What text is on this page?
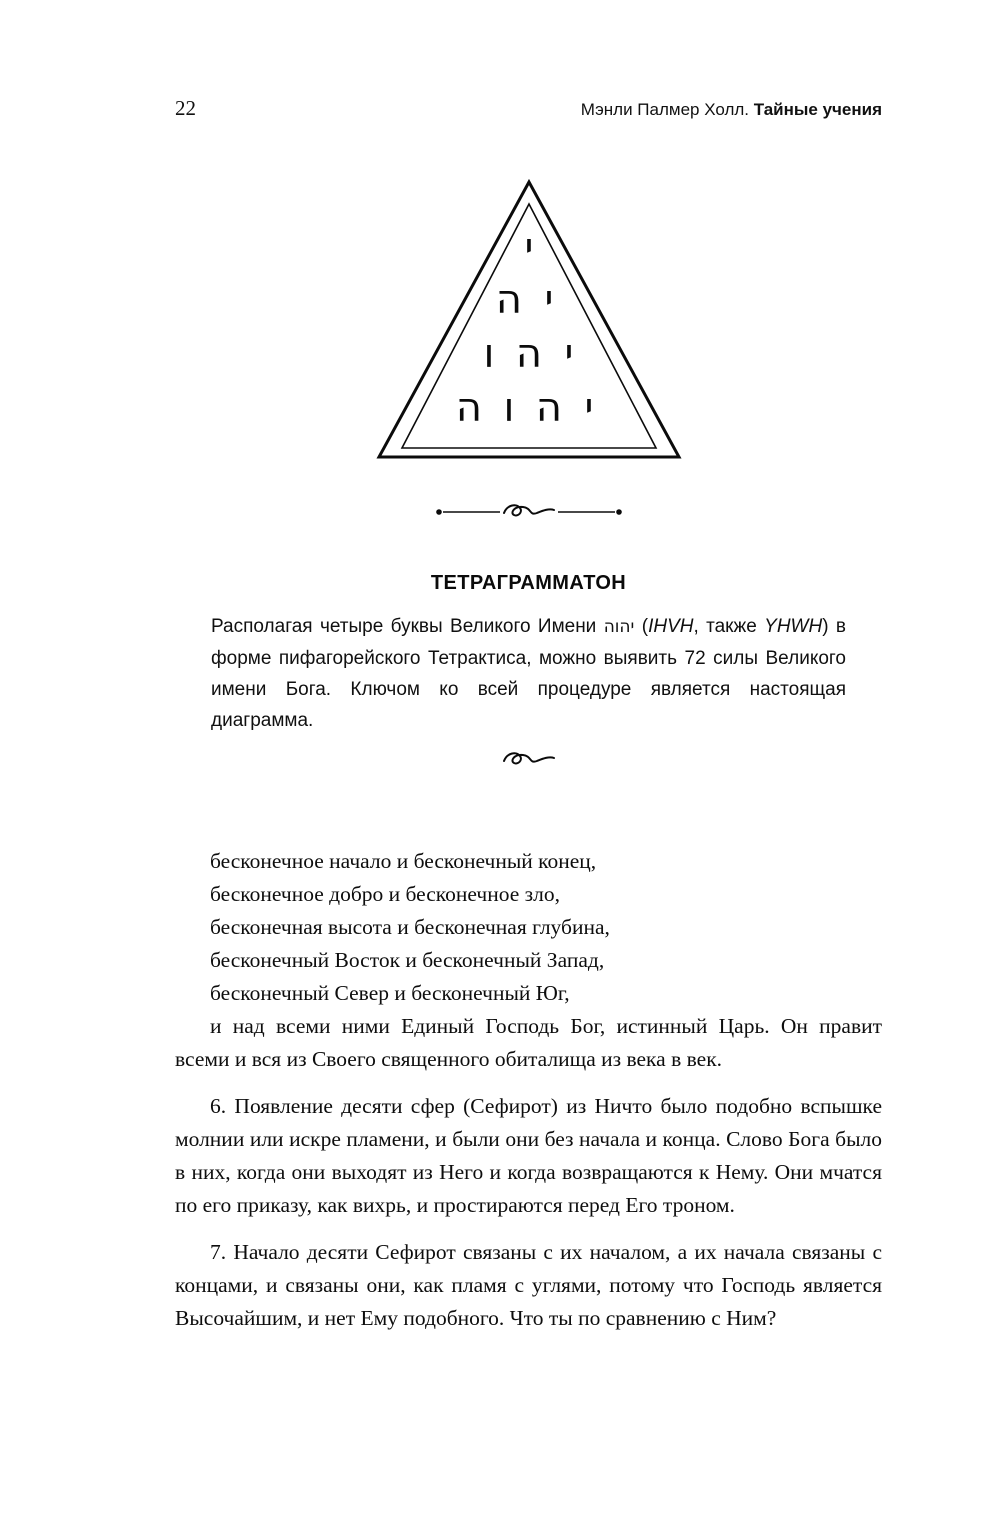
22	Мэнли Палмер Холл. Тайные учения
י
י
ה
י
ה
ו
י
ה
ו
ה
ТЕТРАГРАММАТОН

Располагая четыре буквы Великого Имени יהוה (IHVH, также YHWH) в форме пифагорейского Тетрактиса, можно выявить 72 силы Великого имени Бога. Ключом ко всей процедуре является настоящая диаграмма.

бесконечное начало и бесконечный конец,
бесконечное добро и бесконечное зло,
бесконечная высота и бесконечная глубина,
бесконечный Восток и бесконечный Запад,
бесконечный Север и бесконечный Юг,

и над всеми ними Единый Господь Бог, истинный Царь. Он правит всеми и вся из Своего священного обиталища из века в век.

6. Появление десяти сфер (Сефирот) из Ничто было подобно вспышке молнии или искре пламени, и были они без начала и конца. Слово Бога было в них, когда они выходят из Него и когда возвращаются к Нему. Они мчатся по его приказу, как вихрь, и простираются перед Его троном.

7. Начало десяти Сефирот связаны с их началом, а их начала связаны с концами, и связаны они, как пламя с углями, потому что Господь является Высочайшим, и нет Ему подобного. Что ты по сравнению с Ним?
